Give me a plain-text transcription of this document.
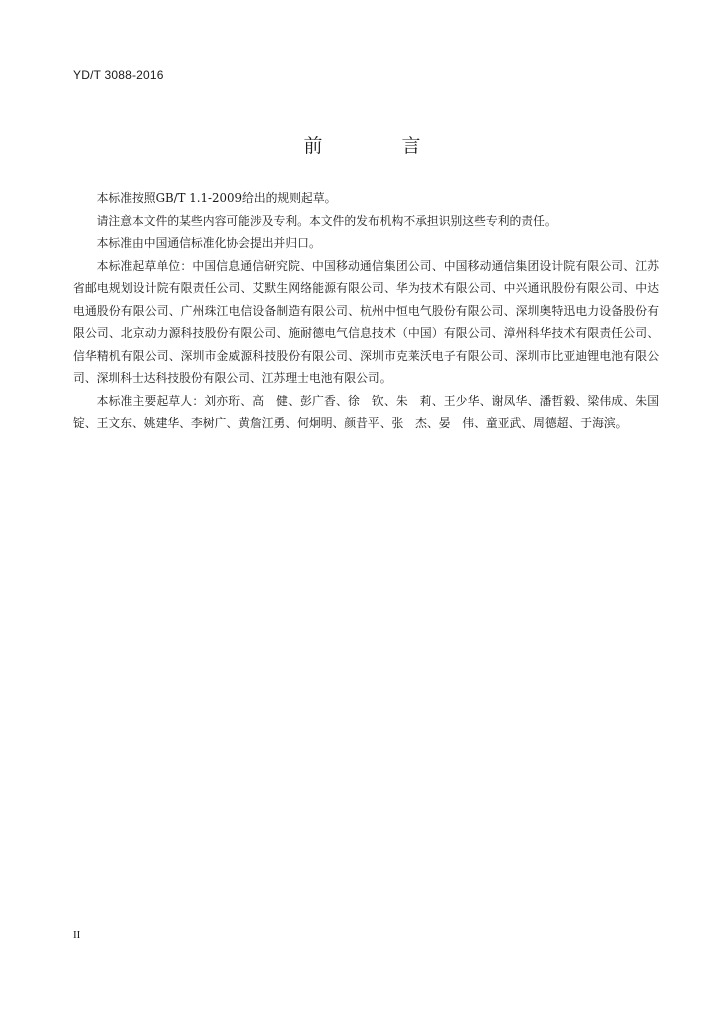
YD/T 3088-2016
前　言

本标准按照GB/T 1.1-2009给出的规则起草。

请注意本文件的某些内容可能涉及专利。本文件的发布机构不承担识别这些专利的责任。

本标准由中国通信标准化协会提出并归口。

本标准起草单位：中国信息通信研究院、中国移动通信集团公司、中国移动通信集团设计院有限公司、江苏省邮电规划设计院有限责任公司、艾默生网络能源有限公司、华为技术有限公司、中兴通讯股份有限公司、中达电通股份有限公司、广州珠江电信设备制造有限公司、杭州中恒电气股份有限公司、深圳奥特迅电力设备股份有限公司、北京动力源科技股份有限公司、施耐德电气信息技术（中国）有限公司、漳州科华技术有限责任公司、信华精机有限公司、深圳市金威源科技股份有限公司、深圳市克莱沃电子有限公司、深圳市比亚迪锂电池有限公司、深圳科士达科技股份有限公司、江苏理士电池有限公司。

本标准主要起草人：刘亦珩、高　健、彭广香、徐　钦、朱　莉、王少华、谢凤华、潘哲毅、梁伟成、朱国锭、王文东、姚建华、李树广、黄詹江勇、何炯明、颜昔平、张　杰、晏　伟、童亚武、周德超、于海滨。

II
